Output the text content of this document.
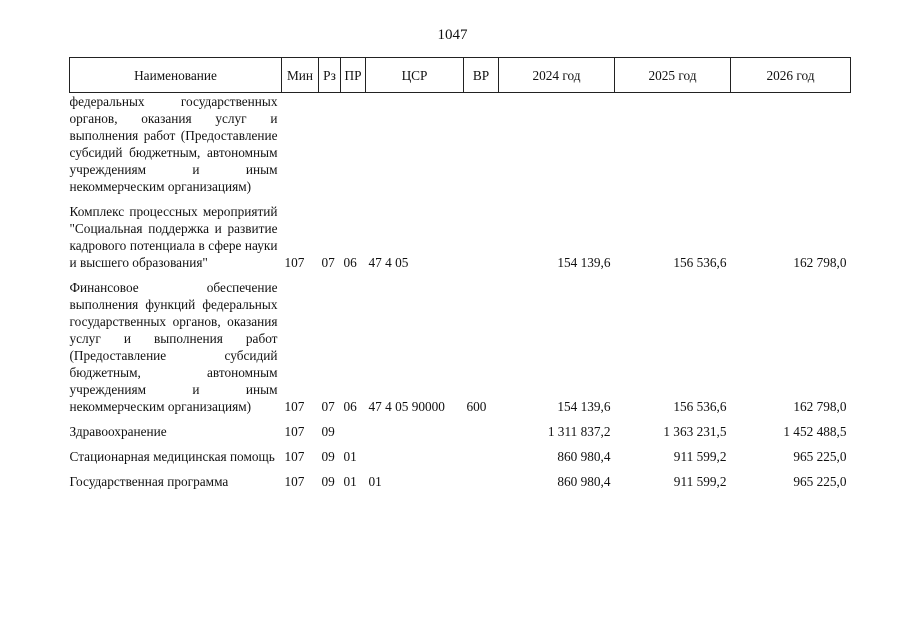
1047
Наименование	Мин	Рз	ПР	ЦСР	ВР	2024 год	2025 год	2026 год
федеральных государственных органов, оказания услуг и выполнения работ (Предоставление субсидий бюджетным, автономным учреждениям и иным некоммерческим организациям)								
Комплекс процессных мероприятий "Социальная поддержка и развитие кадрового потенциала в сфере науки и высшего образования"	107	07	06	47 4 05		154 139,6	156 536,6	162 798,0
Финансовое обеспечение выполнения функций федеральных государственных органов, оказания услуг и выполнения работ (Предоставление субсидий бюджетным, автономным учреждениям и иным некоммерческим организациям)	107	07	06	47 4 05 90000	600	154 139,6	156 536,6	162 798,0
Здравоохранение	107	09				1 311 837,2	1 363 231,5	1 452 488,5
Стационарная медицинская помощь	107	09	01			860 980,4	911 599,2	965 225,0
Государственная программа	107	09	01	01		860 980,4	911 599,2	965 225,0
